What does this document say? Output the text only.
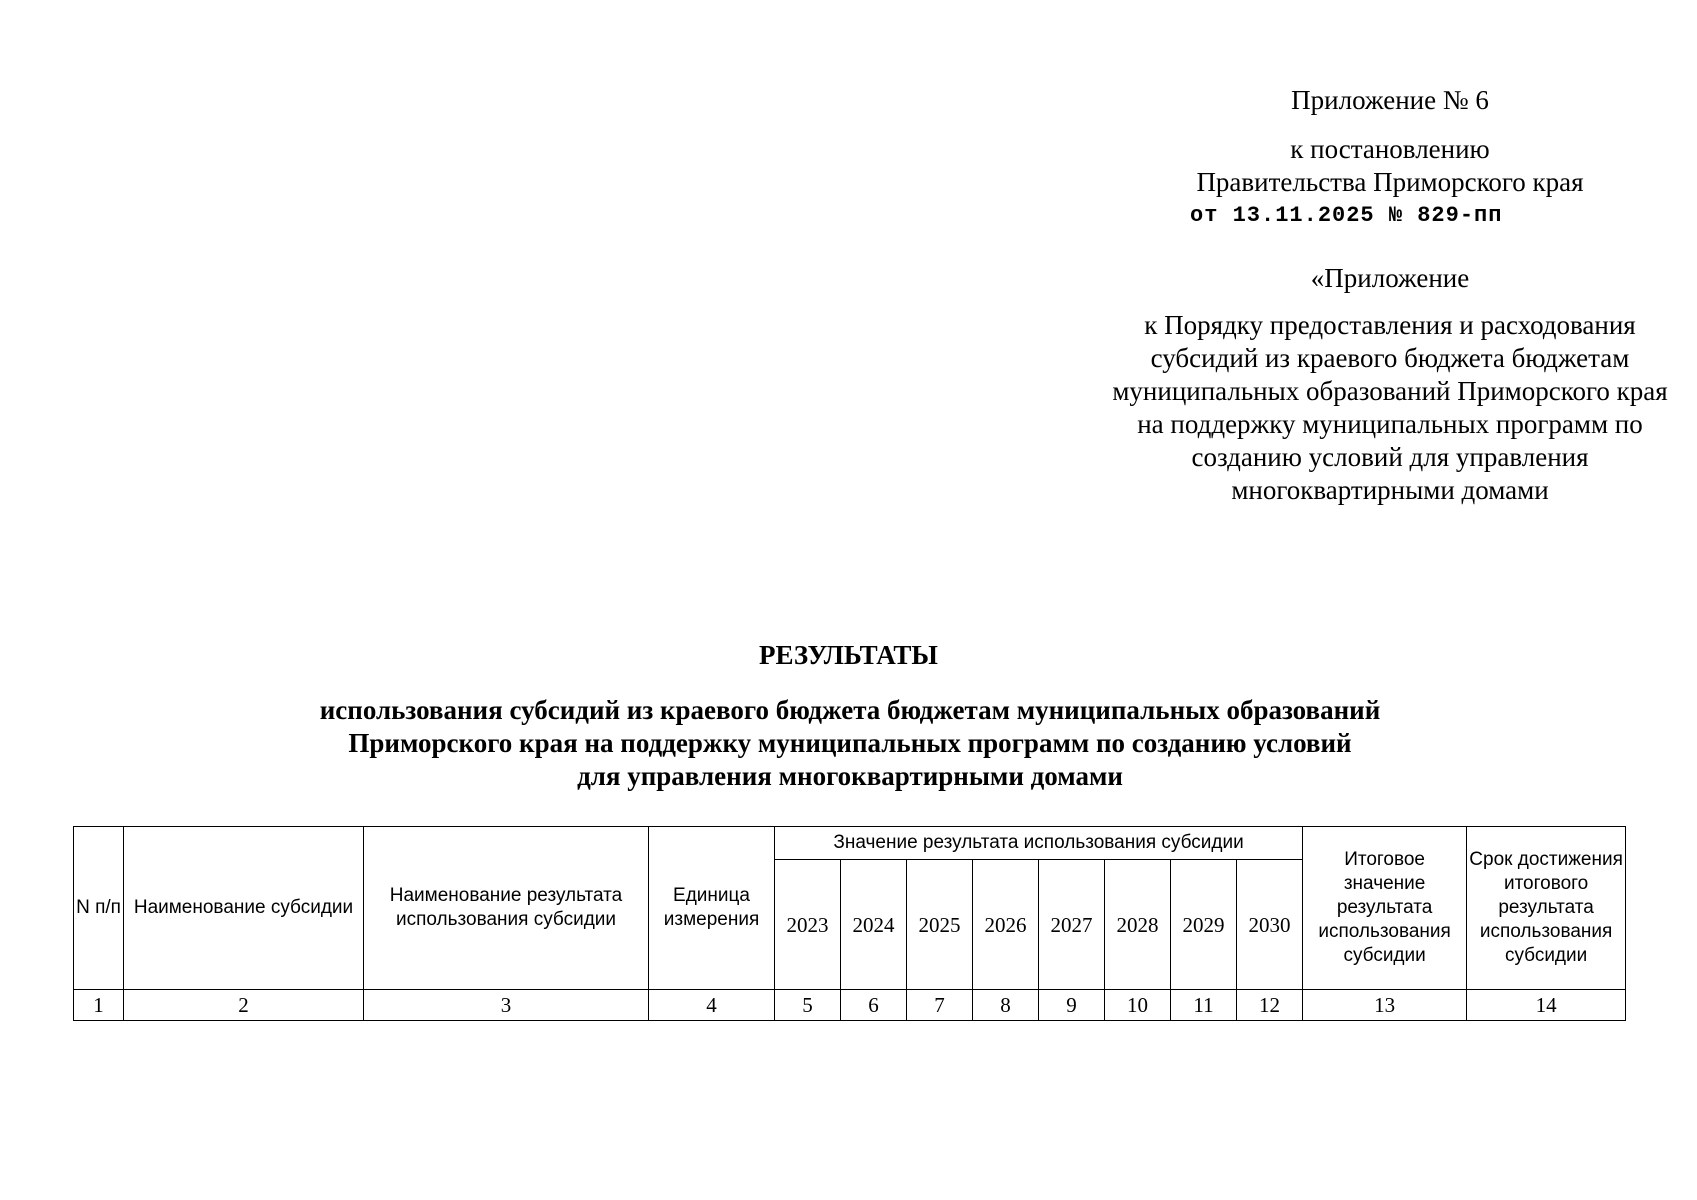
Приложение № 6
к постановлению
Правительства Приморского края
от 13.11.2025 № 829-пп
«Приложение
к Порядку предоставления и расходования субсидий из краевого бюджета бюджетам муниципальных образований Приморского края на поддержку муниципальных программ по созданию условий для управления многоквартирными домами
РЕЗУЛЬТАТЫ
использования субсидий из краевого бюджета бюджетам муниципальных образований
Приморского края на поддержку муниципальных программ по созданию условий
для управления многоквартирными домами
N п/п	Наименование субсидии	Наименование результата использования субсидии	Единица измерения	Значение результата использования субсидии								Итоговое значение результата использования субсидии	Срок достижения итогового результата использования субсидии
				2023	2024	2025	2026	2027	2028	2029	2030		
1	2	3	4	5	6	7	8	9	10	11	12	13	14
